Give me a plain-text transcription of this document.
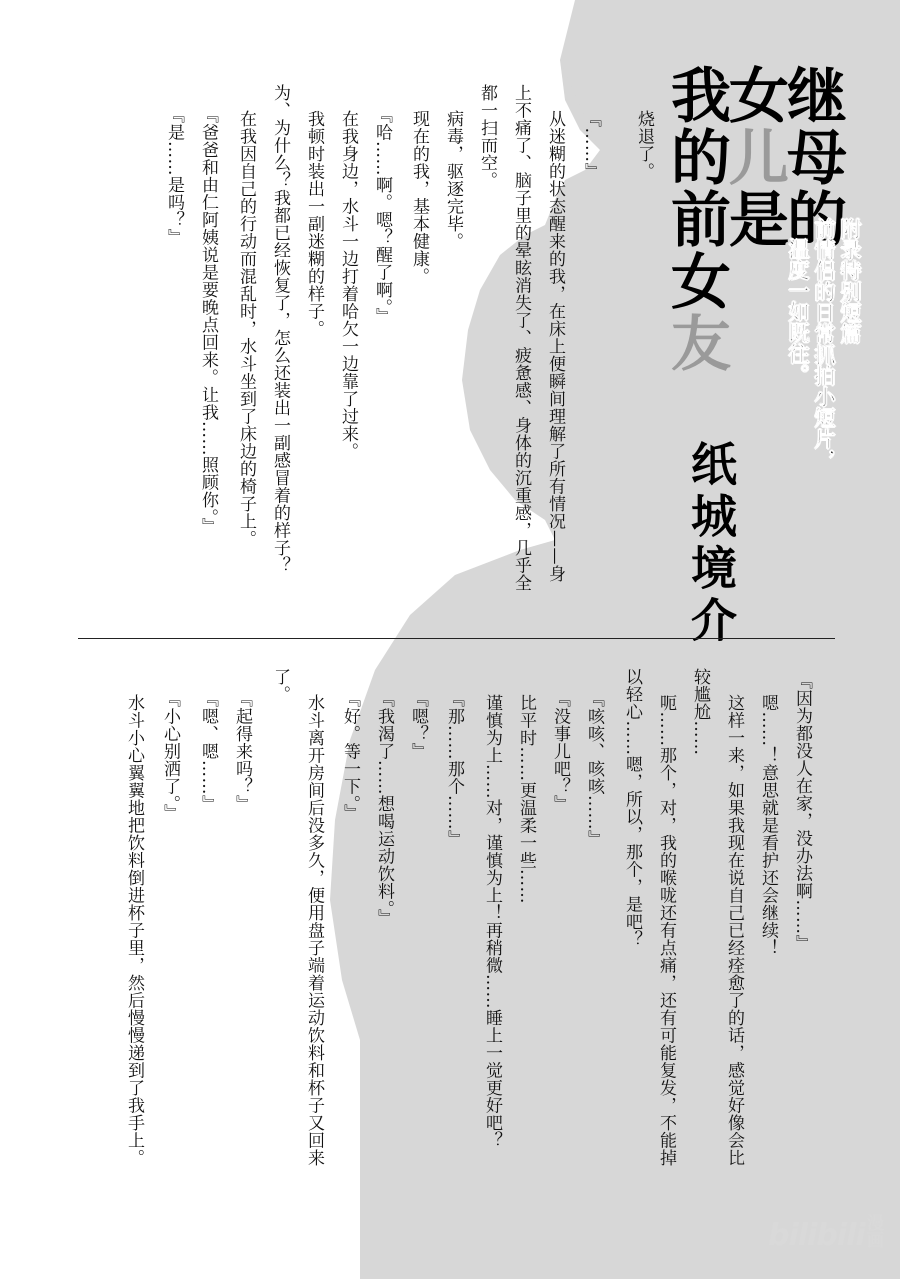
继母的
女儿是
我的前女友	附录特别短篇
前情侣的日常抓拍小短片，
温度一如既往。
纸城境介
烧退了。
『……』
从迷糊的状态醒来的我，在床上便瞬间理解了所有情况——身
上不痛了、脑子里的晕眩消失了、疲惫感、身体的沉重感，几乎全
都一扫而空。
病毒，驱逐完毕。
现在的我，基本健康。
『哈……啊。嗯？醒了啊。』
在我身边，水斗一边打着哈欠一边靠了过来。
我顿时装出一副迷糊的样子。
为、为什么？我都已经恢复了，怎么还装出一副感冒着的样子？
在我因自己的行动而混乱时，水斗坐到了床边的椅子上。
『爸爸和由仁阿姨说是要晚点回来。让我……照顾你。』
『是……是吗？』
『因为都没人在家，没办法啊……』
嗯……！意思就是看护还会继续！
这样一来，如果我现在说自己已经痊愈了的话，感觉好像会比
较尴尬……
呃……那个，对，我的喉咙还有点痛，还有可能复发，不能掉
以轻心……嗯，所以，那个，是吧？
『咳咳、咳咳……』
『没事儿吧？』
比平时……更温柔一些……
谨慎为上……对，谨慎为上！再稍微……睡上一觉更好吧？
『那……那个……』
『嗯？』
『我渴了……想喝运动饮料。』
『好。等一下。』
水斗离开房间后没多久，便用盘子端着运动饮料和杯子又回来
了。
『起得来吗？』
『嗯、嗯……』
『小心别洒了。』
水斗小心翼翼地把饮料倒进杯子里，然后慢慢递到了我手上。
bilibili
漫画
